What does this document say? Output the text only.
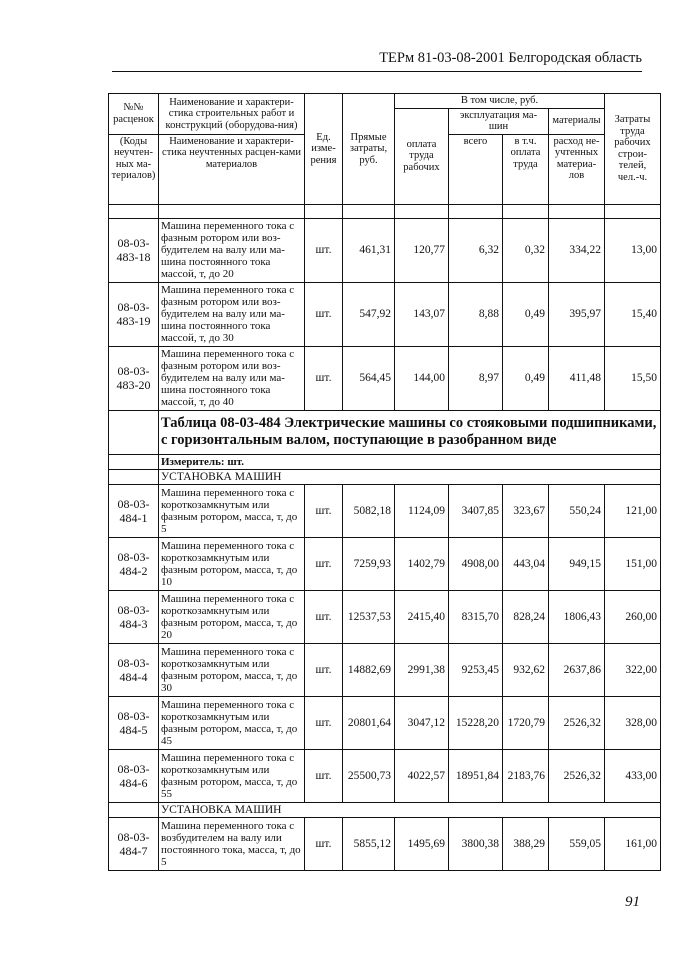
ТЕРм 81-03-08-2001 Белгородская область
№№ расценок	Наименование и характери-стика строительных работ и конструкций (оборудова-ния)	Ед. изме-рения	Прямые затраты, руб.	В том числе, руб.				Затраты труда рабочих строи-телей, чел.-ч.
				оплата труда рабочих	эксплуатация ма-шин		материалы	
(Коды неучтен-ных ма-териалов)	Наименование и характери-стика неучтенных расцен-ками материалов				всего	в т.ч. оплата труда	расход не-учтенных материа-лов	

08-03-483-18	Машина переменного тока с фазным ротором или воз-будителем на валу или ма-шина постоянного тока массой, т, до 20	шт.	461,31	120,77	6,32	0,32	334,22	13,00
08-03-483-19	Машина переменного тока с фазным ротором или воз-будителем на валу или ма-шина постоянного тока массой, т, до 30	шт.	547,92	143,07	8,88	0,49	395,97	15,40
08-03-483-20	Машина переменного тока с фазным ротором или воз-будителем на валу или ма-шина постоянного тока массой, т, до 40	шт.	564,45	144,00	8,97	0,49	411,48	15,50
	Таблица 08-03-484 Электрические машины со стояковыми подшипниками, с горизонтальным валом, поступающие в разобранном виде							
	Измеритель: шт.							
	УСТАНОВКА МАШИН							
08-03-484-1	Машина переменного тока с короткозамкнутым или фазным ротором, масса, т, до 5	шт.	5082,18	1124,09	3407,85	323,67	550,24	121,00
08-03-484-2	Машина переменного тока с короткозамкнутым или фазным ротором, масса, т, до 10	шт.	7259,93	1402,79	4908,00	443,04	949,15	151,00
08-03-484-3	Машина переменного тока с короткозамкнутым или фазным ротором, масса, т, до 20	шт.	12537,53	2415,40	8315,70	828,24	1806,43	260,00
08-03-484-4	Машина переменного тока с короткозамкнутым или фазным ротором, масса, т, до 30	шт.	14882,69	2991,38	9253,45	932,62	2637,86	322,00
08-03-484-5	Машина переменного тока с короткозамкнутым или фазным ротором, масса, т, до 45	шт.	20801,64	3047,12	15228,20	1720,79	2526,32	328,00
08-03-484-6	Машина переменного тока с короткозамкнутым или фазным ротором, масса, т, до 55	шт.	25500,73	4022,57	18951,84	2183,76	2526,32	433,00
	УСТАНОВКА МАШИН							
08-03-484-7	Машина переменного тока с возбудителем на валу или постоянного тока, масса, т, до 5	шт.	5855,12	1495,69	3800,38	388,29	559,05	161,00
91
